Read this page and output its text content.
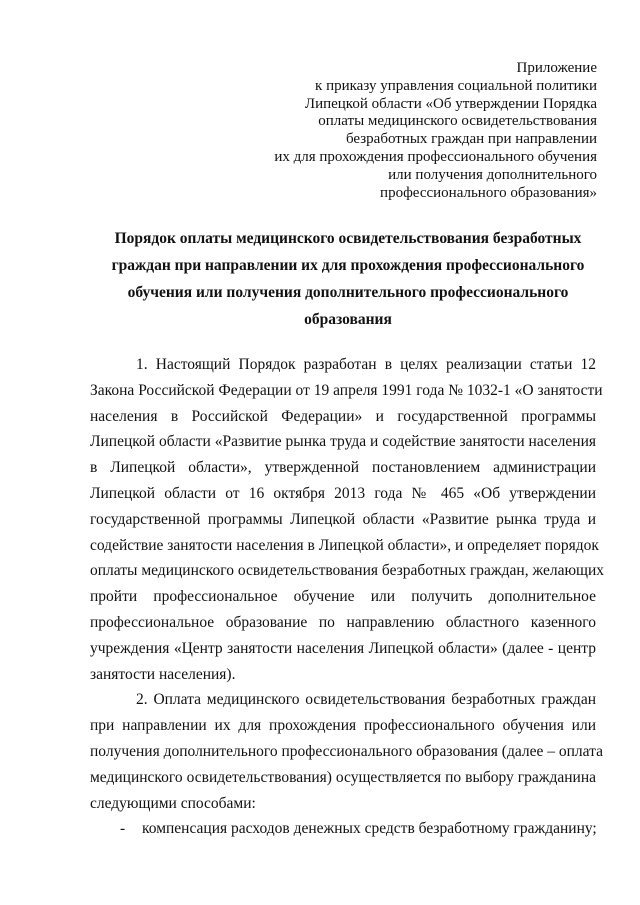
Приложение
к приказу управления социальной политики
Липецкой области «Об утверждении Порядка
оплаты медицинского освидетельствования
безработных граждан при направлении
их для прохождения профессионального обучения
или получения дополнительного
профессионального образования»
Порядок оплаты медицинского освидетельствования безработных
граждан при направлении их для прохождения профессионального
обучения или получения дополнительного профессионального
образования
1. Настоящий Порядок разработан в целях реализации статьи 12
Закона Российской Федерации от 19 апреля 1991 года № 1032-1 «О занятости
населения в Российской Федерации» и государственной программы
Липецкой области «Развитие рынка труда и содействие занятости населения
в Липецкой области», утвержденной постановлением администрации
Липецкой области от 16 октября 2013 года № 465 «Об утверждении
государственной программы Липецкой области «Развитие рынка труда и
содействие занятости населения в Липецкой области», и определяет порядок
оплаты медицинского освидетельствования безработных граждан, желающих
пройти профессиональное обучение или получить дополнительное
профессиональное образование по направлению областного казенного
учреждения «Центр занятости населения Липецкой области» (далее - центр
занятости населения).
2. Оплата медицинского освидетельствования безработных граждан
при направлении их для прохождения профессионального обучения или
получения дополнительного профессионального образования (далее – оплата
медицинского освидетельствования) осуществляется по выбору гражданина
следующими способами:
- компенсация расходов денежных средств безработному гражданину;
